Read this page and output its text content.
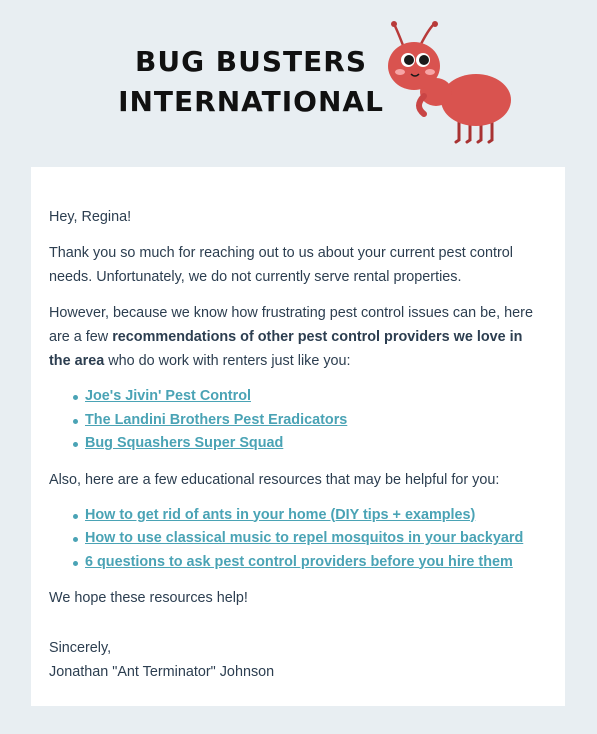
BUG BUSTERS
INTERNATIONAL

Hey, Regina!

Thank you so much for reaching out to us about your current pest control needs. Unfortunately, we do not currently serve rental properties.

However, because we know how frustrating pest control issues can be, here are a few recommendations of other pest control providers we love in the area who do work with renters just like you:

Joe's Jivin' Pest Control
The Landini Brothers Pest Eradicators
Bug Squashers Super Squad

Also, here are a few educational resources that may be helpful for you:

How to get rid of ants in your home (DIY tips + examples)
How to use classical music to repel mosquitos in your backyard
6 questions to ask pest control providers before you hire them

We hope these resources help!

Sincerely,
Jonathan "Ant Terminator" Johnson
